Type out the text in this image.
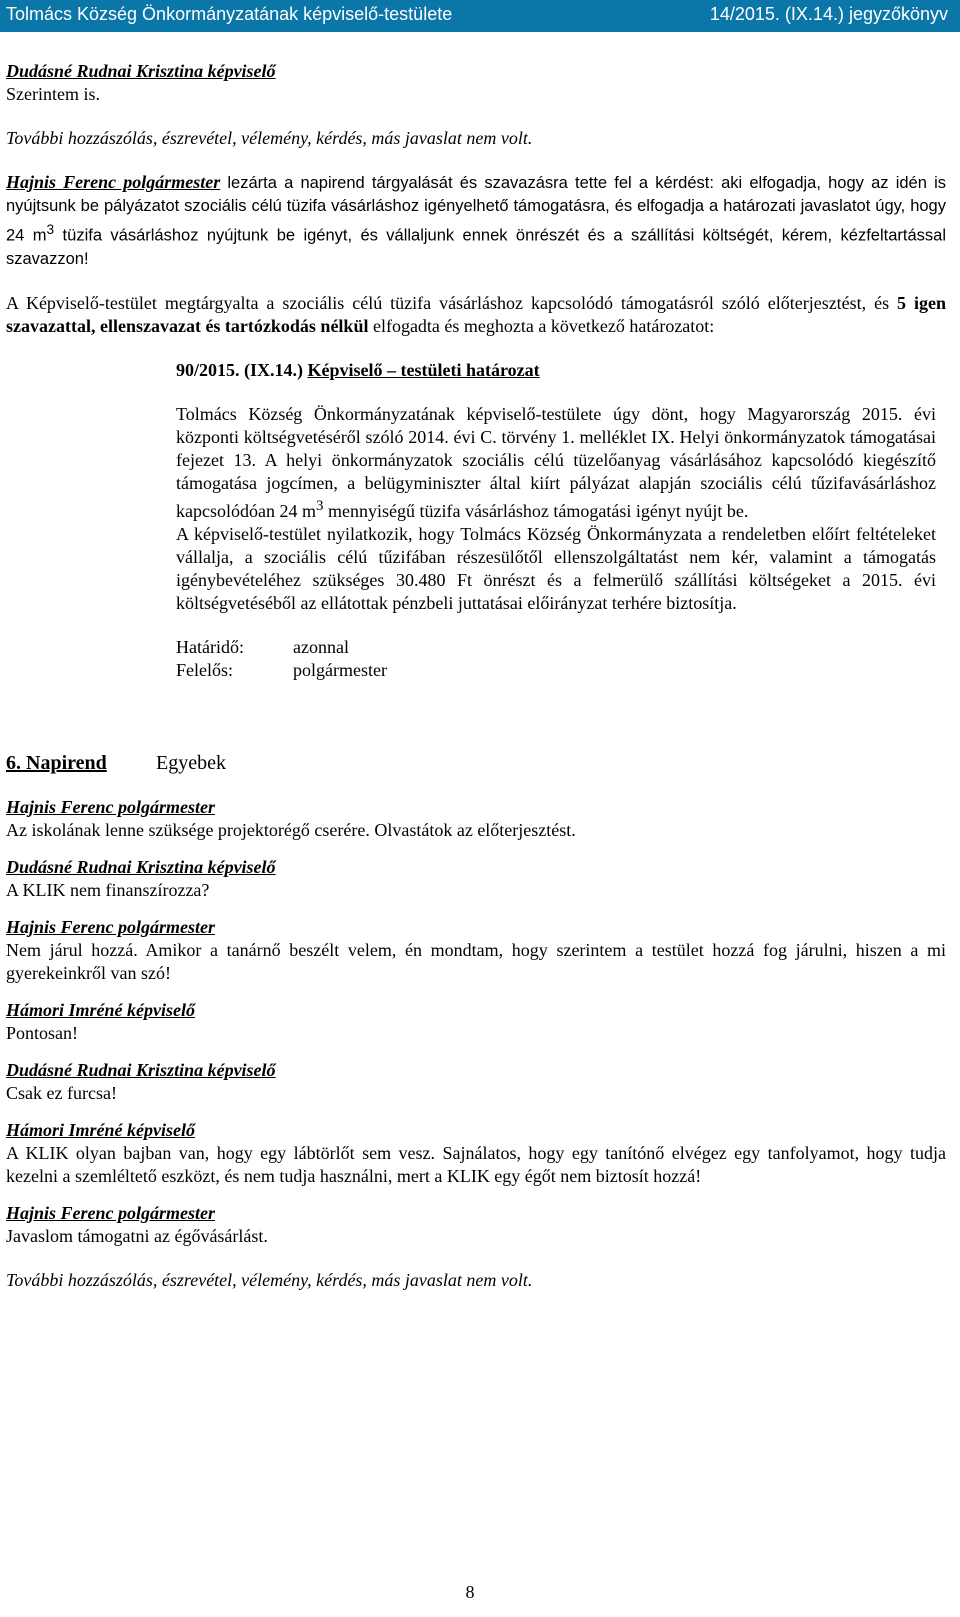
Tolmács Község Önkormányzatának képviselő-testülete	14/2015. (IX.14.) jegyzőkönyv

Dudásné Rudnai Krisztina képviselő

Szerintem is.

További hozzászólás, észrevétel, vélemény, kérdés, más javaslat nem volt.

Hajnis Ferenc polgármester lezárta a napirend tárgyalását és szavazásra tette fel a kérdést: aki elfogadja, hogy az idén is nyújtsunk be pályázatot szociális célú tüzifa vásárláshoz igényelhető támogatásra, és elfogadja a határozati javaslatot úgy, hogy 24 $m^3$ tüzifa vásárláshoz nyújtunk be igényt, és vállaljunk ennek önrészét és a szállítási költségét, kérem, kézfeltartással szavazzon!

A Képviselő-testület megtárgyalta a szociális célú tüzifa vásárláshoz kapcsolódó támogatásról szóló előterjesztést, és 5 igen szavazattal, ellenszavazat és tartózkodás nélkül elfogadta és meghozta a következő határozatot:

90/2015. (IX.14.) Képviselő – testületi határozat

Tolmács Község Önkormányzatának képviselő-testülete úgy dönt, hogy Magyarország 2015. évi központi költségvetéséről szóló 2014. évi C. törvény 1. melléklet IX. Helyi önkormányzatok támogatásai fejezet 13. A helyi önkormányzatok szociális célú tüzelőanyag vásárlásához kapcsolódó kiegészítő támogatása jogcímen, a belügyminiszter által kiírt pályázat alapján szociális célú tűzifavásárláshoz kapcsolódóan 24 $m^3$ mennyiségű tüzifa vásárláshoz támogatási igényt nyújt be.

A képviselő-testület nyilatkozik, hogy Tolmács Község Önkormányzata a rendeletben előírt feltételeket vállalja, a szociális célú tűzifában részesülőtől ellenszolgáltatást nem kér, valamint a támogatás igénybevételéhez szükséges 30.480 Ft önrészt és a felmerülő szállítási költségeket a 2015. évi költségvetéséből az ellátottak pénzbeli juttatásai előirányzat terhére biztosítja.

Határidő:	azonnal

Felelős:	polgármester

6. Napirend Egyebek

Hajnis Ferenc polgármester

Az iskolának lenne szüksége projektorégő cserére. Olvastátok az előterjesztést.

Dudásné Rudnai Krisztina képviselő

A KLIK nem finanszírozza?

Hajnis Ferenc polgármester

Nem járul hozzá. Amikor a tanárnő beszélt velem, én mondtam, hogy szerintem a testület hozzá fog járulni, hiszen a mi gyerekeinkről van szó!

Hámori Imréné képviselő

Pontosan!

Dudásné Rudnai Krisztina képviselő

Csak ez furcsa!

Hámori Imréné képviselő

A KLIK olyan bajban van, hogy egy lábtörlőt sem vesz. Sajnálatos, hogy egy tanítónő elvégez egy tanfolyamot, hogy tudja kezelni a szemléltető eszközt, és nem tudja használni, mert a KLIK egy égőt nem biztosít hozzá!

Hajnis Ferenc polgármester

Javaslom támogatni az égővásárlást.

További hozzászólás, észrevétel, vélemény, kérdés, más javaslat nem volt.

8
